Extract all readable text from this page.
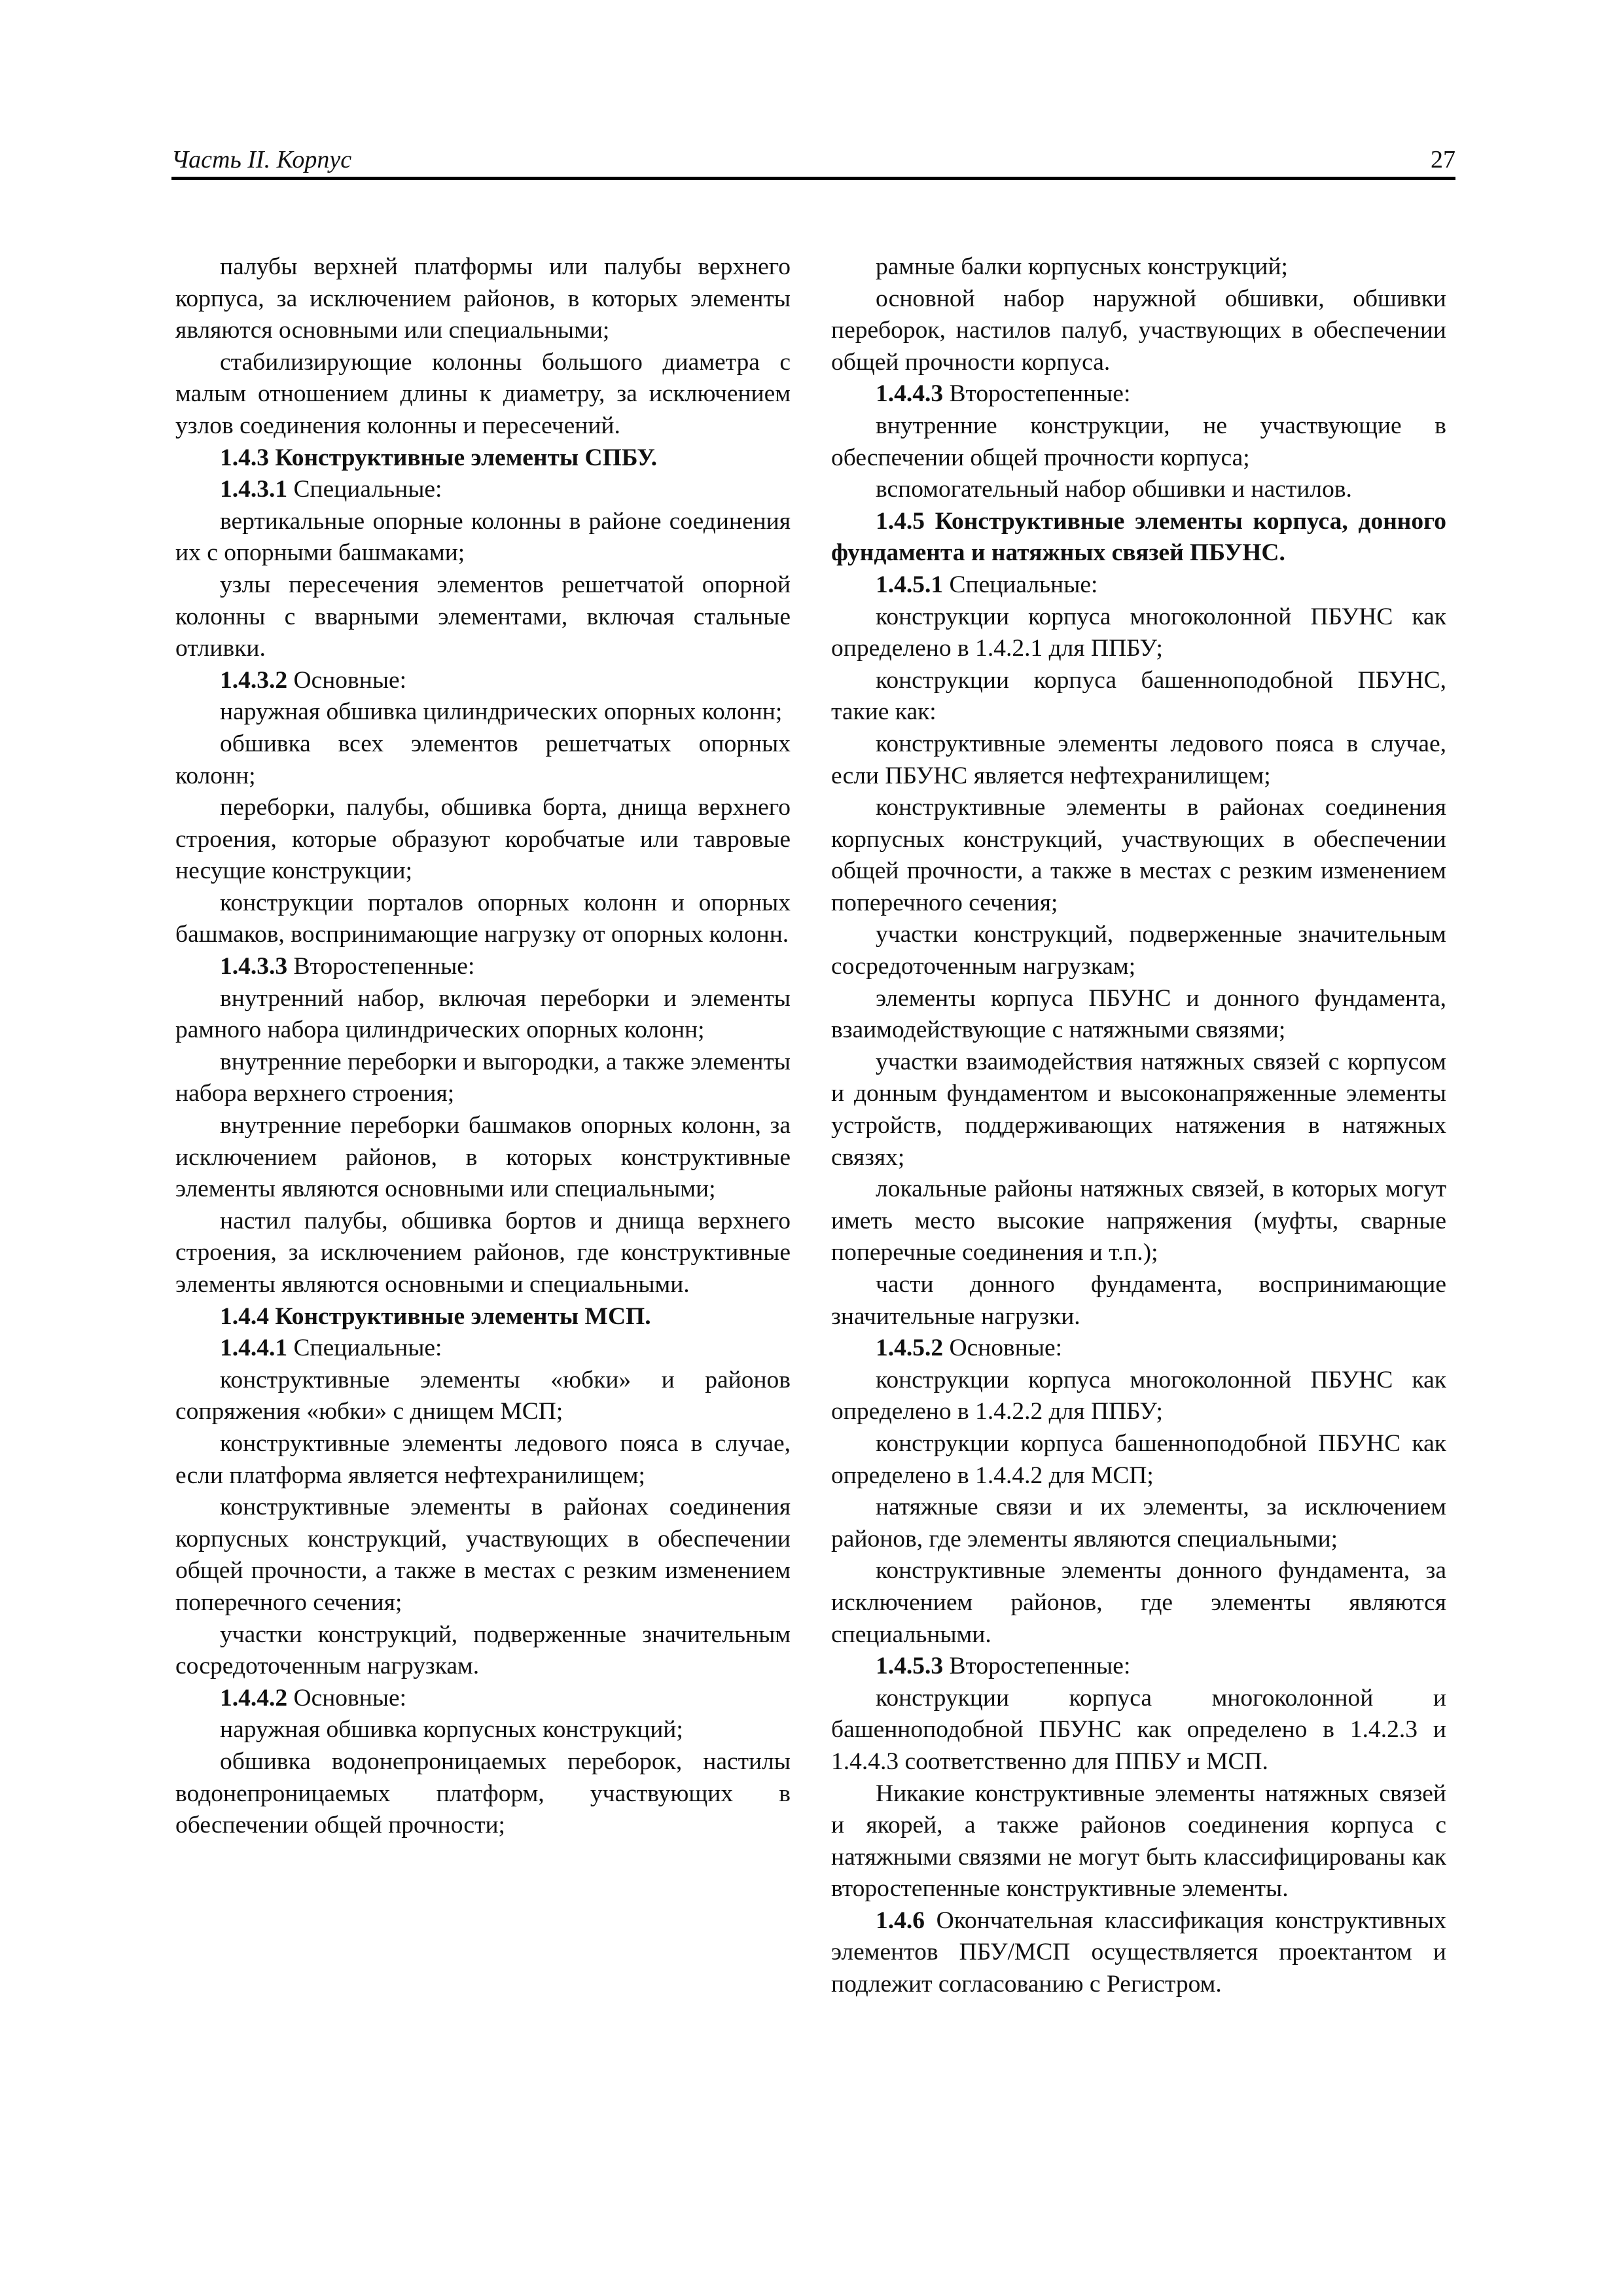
Часть II. Корпус	27

палубы верхней платформы или палубы верхнего корпуса, за исключением районов, в которых элементы являются основными или специальными;

стабилизирующие колонны большого диаметра с малым отношением длины к диаметру, за исключением узлов соединения колонны и пересечений.

1.4.3 Конструктивные элементы СПБУ.

1.4.3.1 Специальные:

вертикальные опорные колонны в районе соединения их с опорными башмаками;

узлы пересечения элементов решетчатой опорной колонны с вварными элементами, включая стальные отливки.

1.4.3.2 Основные:

наружная обшивка цилиндрических опорных колонн;

обшивка всех элементов решетчатых опорных колонн;

переборки, палубы, обшивка борта, днища верхнего строения, которые образуют коробчатые или тавровые несущие конструкции;

конструкции порталов опорных колонн и опорных башмаков, воспринимающие нагрузку от опорных колонн.

1.4.3.3 Второстепенные:

внутренний набор, включая переборки и элементы рамного набора цилиндрических опорных колонн;

внутренние переборки и выгородки, а также элементы набора верхнего строения;

внутренние переборки башмаков опорных колонн, за исключением районов, в которых конструктивные элементы являются основными или специальными;

настил палубы, обшивка бортов и днища верхнего строения, за исключением районов, где конструктивные элементы являются основными и специальными.

1.4.4 Конструктивные элементы МСП.

1.4.4.1 Специальные:

конструктивные элементы «юбки» и районов сопряжения «юбки» с днищем МСП;

конструктивные элементы ледового пояса в случае, если платформа является нефтехранилищем;

конструктивные элементы в районах соединения корпусных конструкций, участвующих в обеспечении общей прочности, а также в местах с резким изменением поперечного сечения;

участки конструкций, подверженные значительным сосредоточенным нагрузкам.

1.4.4.2 Основные:

наружная обшивка корпусных конструкций;

обшивка водонепроницаемых переборок, настилы водонепроницаемых платформ, участвующих в обеспечении общей прочности;

рамные балки корпусных конструкций;

основной набор наружной обшивки, обшивки переборок, настилов палуб, участвующих в обеспечении общей прочности корпуса.

1.4.4.3 Второстепенные:

внутренние конструкции, не участвующие в обеспечении общей прочности корпуса;

вспомогательный набор обшивки и настилов.

1.4.5 Конструктивные элементы корпуса, донного фундамента и натяжных связей ПБУНС.

1.4.5.1 Специальные:

конструкции корпуса многоколонной ПБУНС как определено в 1.4.2.1 для ППБУ;

конструкции корпуса башенноподобной ПБУНС, такие как:

конструктивные элементы ледового пояса в случае, если ПБУНС является нефтехранилищем;

конструктивные элементы в районах соединения корпусных конструкций, участвующих в обеспечении общей прочности, а также в местах с резким изменением поперечного сечения;

участки конструкций, подверженные значительным сосредоточенным нагрузкам;

элементы корпуса ПБУНС и донного фундамента, взаимодействующие с натяжными связями;

участки взаимодействия натяжных связей с корпусом и донным фундаментом и высоконапряженные элементы устройств, поддерживающих натяжения в натяжных связях;

локальные районы натяжных связей, в которых могут иметь место высокие напряжения (муфты, сварные поперечные соединения и т.п.);

части донного фундамента, воспринимающие значительные нагрузки.

1.4.5.2 Основные:

конструкции корпуса многоколонной ПБУНС как определено в 1.4.2.2 для ППБУ;

конструкции корпуса башенноподобной ПБУНС как определено в 1.4.4.2 для МСП;

натяжные связи и их элементы, за исключением районов, где элементы являются специальными;

конструктивные элементы донного фундамента, за исключением районов, где элементы являются специальными.

1.4.5.3 Второстепенные:

конструкции корпуса многоколонной и башенноподобной ПБУНС как определено в 1.4.2.3 и 1.4.4.3 соответственно для ППБУ и МСП.

Никакие конструктивные элементы натяжных связей и якорей, а также районов соединения корпуса с натяжными связями не могут быть классифицированы как второстепенные конструктивные элементы.

1.4.6 Окончательная классификация конструктивных элементов ПБУ/МСП осуществляется проектантом и подлежит согласованию с Регистром.
